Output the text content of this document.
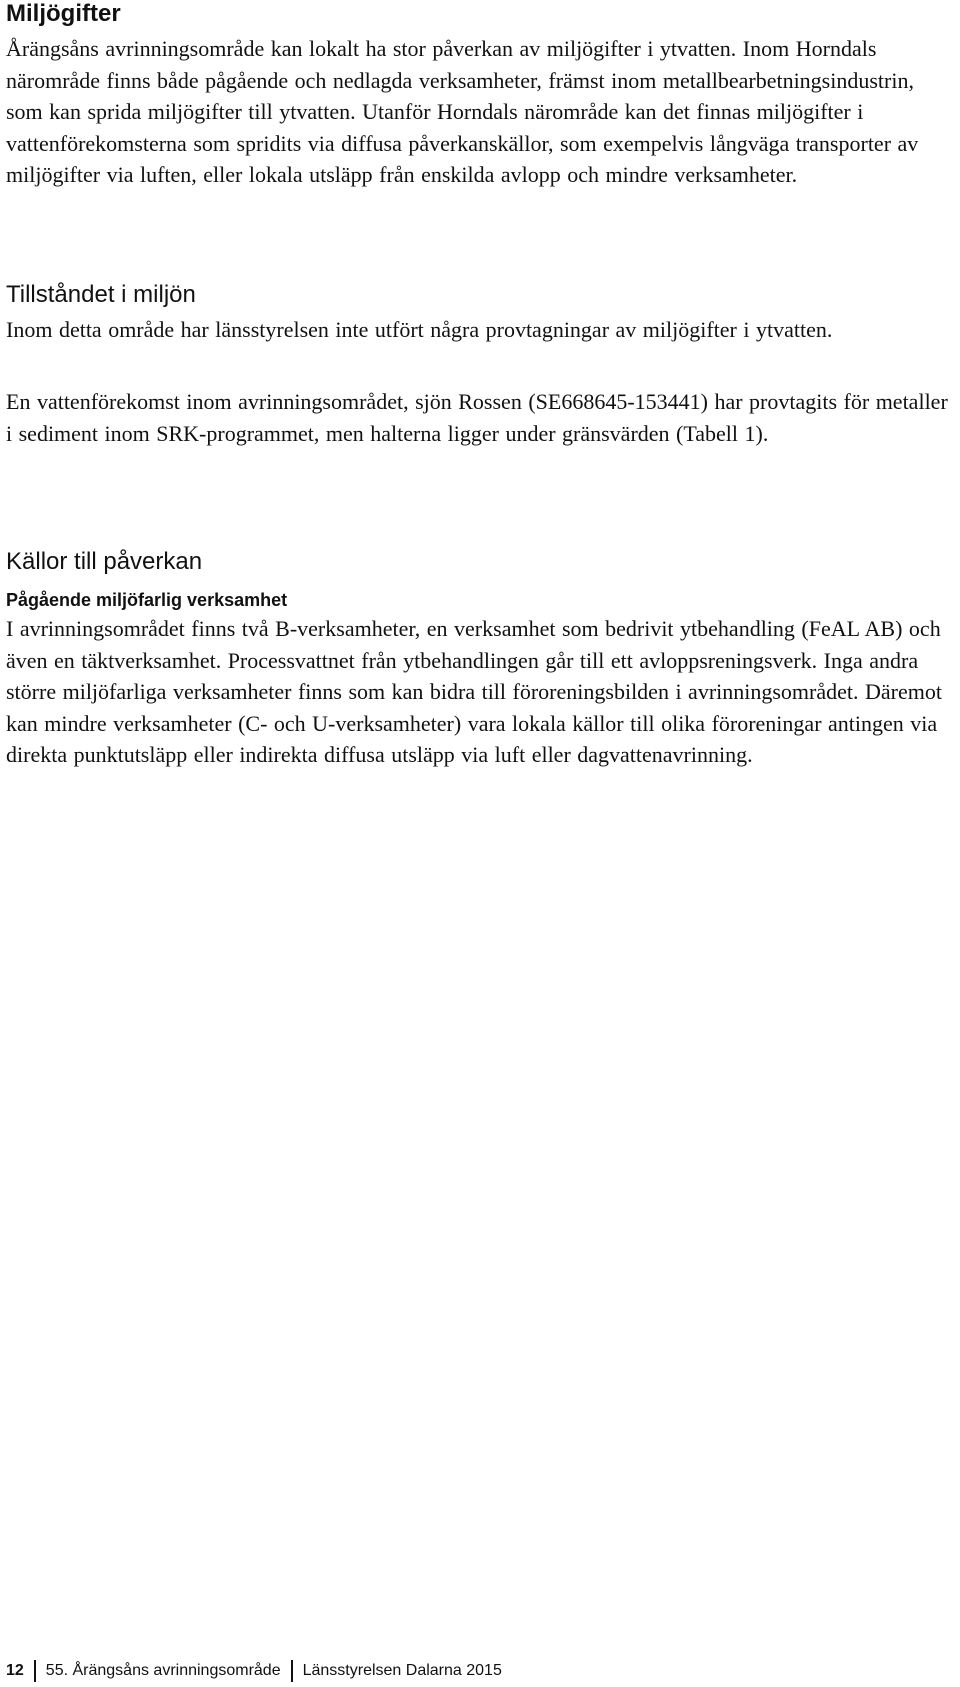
Miljögifter

Årängsåns avrinningsområde kan lokalt ha stor påverkan av miljögifter i ytvatten. Inom Horndals närområde finns både pågående och nedlagda verksamheter, främst inom metallbearbetningsindustrin, som kan sprida miljögifter till ytvatten. Utanför Horndals närområde kan det finnas miljögifter i vattenförekomsterna som spridits via diffusa påverkanskällor, som exempelvis långväga transporter av miljögifter via luften, eller lokala utsläpp från enskilda avlopp och mindre verksamheter.

Tillståndet i miljön

Inom detta område har länsstyrelsen inte utfört några provtagningar av miljögifter i ytvatten.

En vattenförekomst inom avrinningsområdet, sjön Rossen (SE668645-153441) har provtagits för metaller i sediment inom SRK-programmet, men halterna ligger under gränsvärden (Tabell 1).

Källor till påverkan
Pågående miljöfarlig verksamhet

I avrinningsområdet finns två B-verksamheter, en verksamhet som bedrivit ytbehandling (FeAL AB) och även en täktverksamhet. Processvattnet från ytbehandlingen går till ett avloppsreningsverk. Inga andra större miljöfarliga verksamheter finns som kan bidra till föroreningsbilden i avrinningsområdet. Däremot kan mindre verksamheter (C- och U-verksamheter) vara lokala källor till olika föroreningar antingen via direkta punktutsläpp eller indirekta diffusa utsläpp via luft eller dagvattenavrinning.

12 55. Årängsåns avrinningsområde Länsstyrelsen Dalarna 2015
